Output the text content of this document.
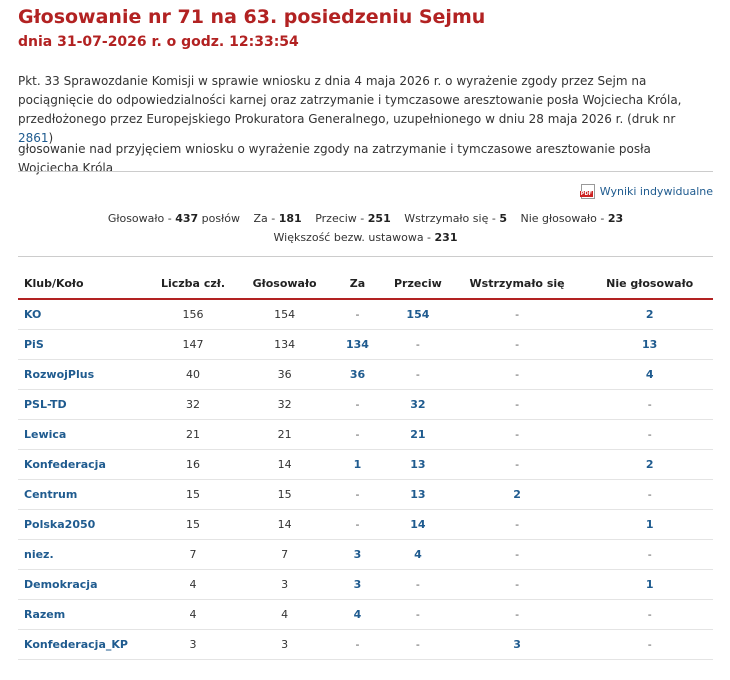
Głosowanie nr 71 na 63. posiedzeniu Sejmu
dnia 31-07-2026 r. o godz. 12:33:54
Pkt. 33 Sprawozdanie Komisji w sprawie wniosku z dnia 4 maja 2026 r. o wyrażenie zgody przez Sejm na pociągnięcie do odpowiedzialności karnej oraz zatrzymanie i tymczasowe aresztowanie posła Wojciecha Króla, przedłożonego przez Europejskiego Prokuratora Generalnego, uzupełnionego w dniu 28 maja 2026 r. (druk nr 2861)
głosowanie nad przyjęciem wniosku o wyrażenie zgody na zatrzymanie i tymczasowe aresztowanie posła Wojciecha Króla
PDF Wyniki indywidualne
Głosowało - 437 posłów Za - 181 Przeciw - 251 Wstrzymało się - 5 Nie głosowało - 23
Większość bezw. ustawowa - 231
Klub/Koło	Liczba czł.	Głosowało	Za	Przeciw	Wstrzymało się	Nie głosowało
KO	156	154	-	154	-	2
PiS	147	134	134	-	-	13
RozwojPlus	40	36	36	-	-	4
PSL-TD	32	32	-	32	-	-
Lewica	21	21	-	21	-	-
Konfederacja	16	14	1	13	-	2
Centrum	15	15	-	13	2	-
Polska2050	15	14	-	14	-	1
niez.	7	7	3	4	-	-
Demokracja	4	3	3	-	-	1
Razem	4	4	4	-	-	-
Konfederacja_KP	3	3	-	-	3	-
